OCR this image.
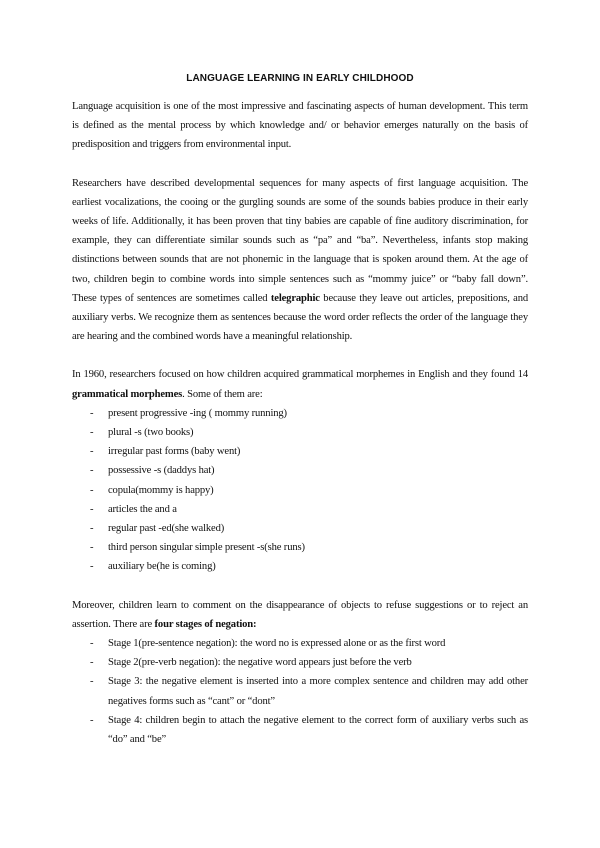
LANGUAGE LEARNING IN EARLY CHILDHOOD

Language acquisition is one of the most impressive and fascinating aspects of human development. This term is defined as the mental process by which knowledge and/ or behavior emerges naturally on the basis of predisposition and triggers from environmental input.

Researchers have described developmental sequences for many aspects of first language acquisition. The earliest vocalizations, the cooing or the gurgling sounds are some of the sounds babies produce in their early weeks of life. Additionally, it has been proven that tiny babies are capable of fine auditory discrimination, for example, they can differentiate similar sounds such as “pa” and “ba”. Nevertheless, infants stop making distinctions between sounds that are not phonemic in the language that is spoken around them. At the age of two, children begin to combine words into simple sentences such as “mommy juice” or “baby fall down”. These types of sentences are sometimes called telegraphic because they leave out articles, prepositions, and auxiliary verbs. We recognize them as sentences because the word order reflects the order of the language they are hearing and the combined words have a meaningful relationship.

In 1960, researchers focused on how children acquired grammatical morphemes in English and they found 14 grammatical morphemes. Some of them are:

- present progressive -ing ( mommy running)
- plural -s (two books)
- irregular past forms (baby went)
- possessive -s (daddys hat)
- copula(mommy is happy)
- articles the and a
- regular past -ed(she walked)
- third person singular simple present -s(she runs)
- auxiliary be(he is coming)

Moreover, children learn to comment on the disappearance of objects to refuse suggestions or to reject an assertion. There are four stages of negation:

- Stage 1(pre-sentence negation): the word no is expressed alone or as the first word
- Stage 2(pre-verb negation): the negative word appears just before the verb
- Stage 3: the negative element is inserted into a more complex sentence and children may add other negatives forms such as “cant” or “dont”
- Stage 4: children begin to attach the negative element to the correct form of auxiliary verbs such as “do” and “be”
